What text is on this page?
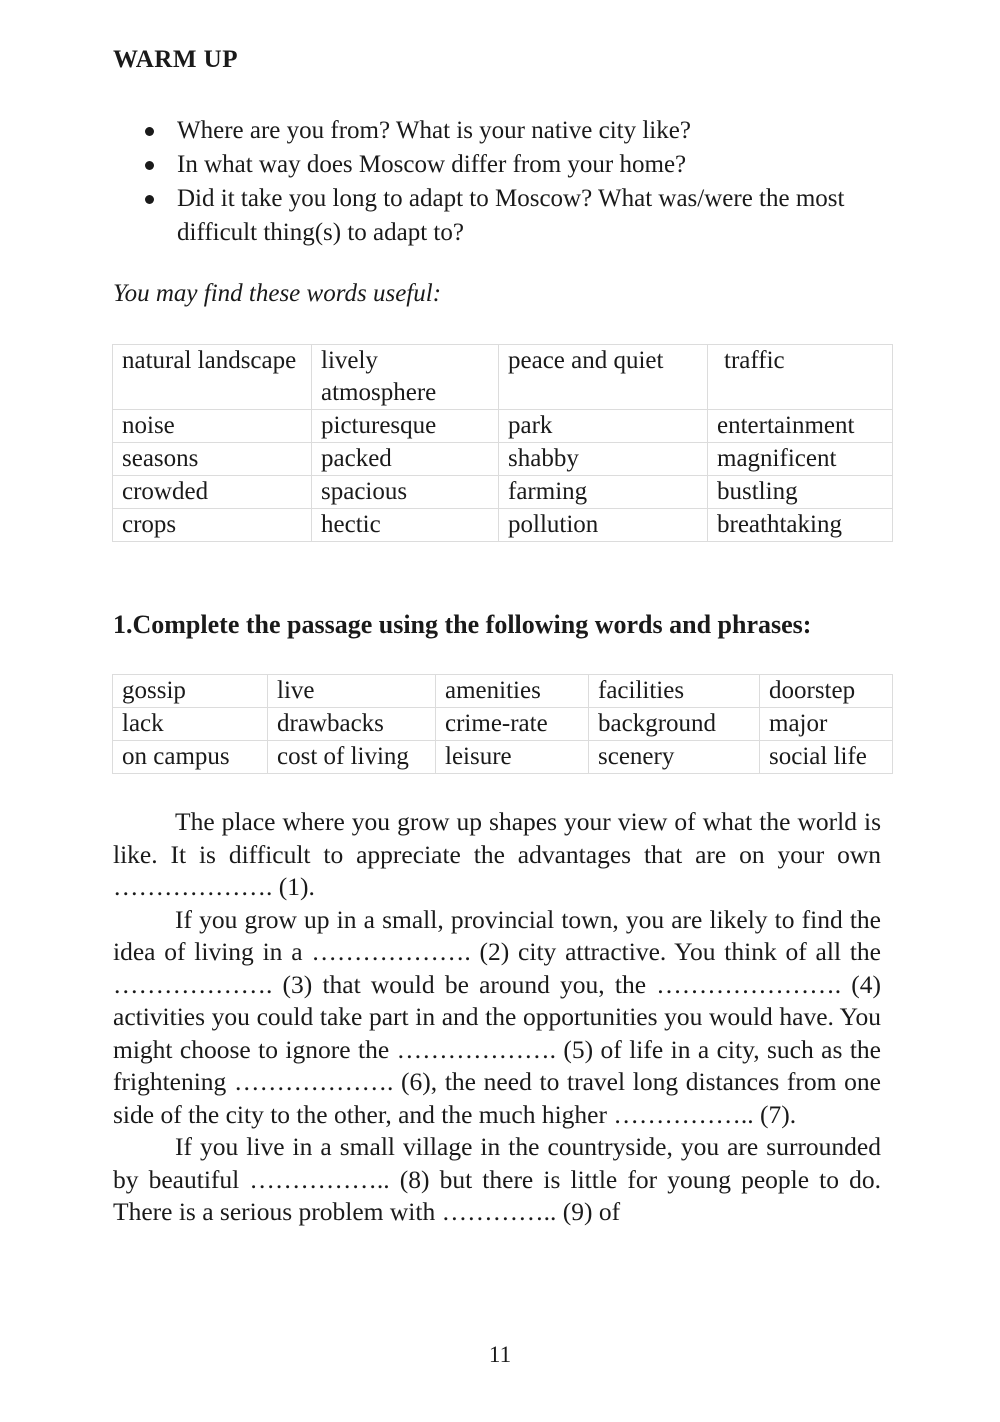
WARM UP
Where are you from? What is your native city like?
In what way does Moscow differ from your home?
Did it take you long to adapt to Moscow? What was/were the most difficult thing(s) to adapt to?
You may find these words useful:
natural landscape	lively atmosphere	peace and quiet	traffic
noise	picturesque	park	entertainment
seasons	packed	shabby	magnificent
crowded	spacious	farming	bustling
crops	hectic	pollution	breathtaking
1.Complete the passage using the following words and phrases:
gossip	live	amenities	facilities	doorstep
lack	drawbacks	crime-rate	background	major
on campus	cost of living	leisure	scenery	social life

The place where you grow up shapes your view of what the world is like. It is difficult to appreciate the advantages that are on your own ………………. (1).

If you grow up in a small, provincial town, you are likely to find the idea of living in a ………………. (2) city attractive. You think of all the ………………. (3) that would be around you, the …………………. (4) activities you could take part in and the opportunities you would have. You might choose to ignore the ………………. (5) of life in a city, such as the frightening ………………. (6), the need to travel long distances from one side of the city to the other, and the much higher …………….. (7).

If you live in a small village in the countryside, you are surrounded by beautiful …………….. (8) but there is little for young people to do. There is a serious problem with ………….. (9) of

11
